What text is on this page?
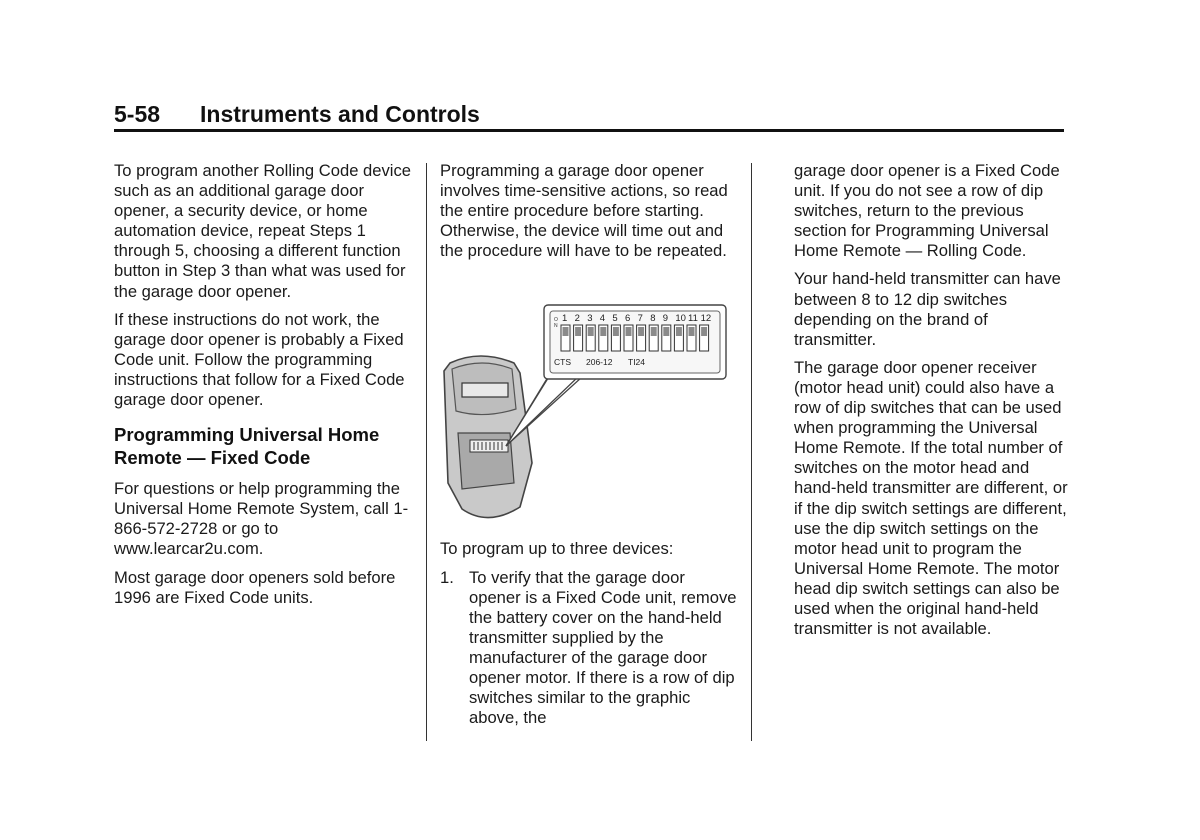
5-58 Instruments and Controls

To program another Rolling Code device such as an additional garage door opener, a security device, or home automation device, repeat Steps 1 through 5, choosing a different function button in Step 3 than what was used for the garage door opener.

If these instructions do not work, the garage door opener is probably a Fixed Code unit. Follow the programming instructions that follow for a Fixed Code garage door opener.

Programming Universal Home Remote — Fixed Code

For questions or help programming the Universal Home Remote System, call 1-866-572-2728 or go to www.learcar2u.com.

Most garage door openers sold before 1996 are Fixed Code units.

Programming a garage door opener involves time-sensitive actions, so read the entire procedure before starting. Otherwise, the device will time out and the procedure will have to be repeated.

O
N
1 2 3 4 5 6 7 8 9 10 11 12
CTS 206-12 TI24

To program up to three devices:

1. To verify that the garage door opener is a Fixed Code unit, remove the battery cover on the hand-held transmitter supplied by the manufacturer of the garage door opener motor. If there is a row of dip switches similar to the graphic above, the

garage door opener is a Fixed Code unit. If you do not see a row of dip switches, return to the previous section for Programming Universal Home Remote — Rolling Code.

Your hand-held transmitter can have between 8 to 12 dip switches depending on the brand of transmitter.

The garage door opener receiver (motor head unit) could also have a row of dip switches that can be used when programming the Universal Home Remote. If the total number of switches on the motor head and hand-held transmitter are different, or if the dip switch settings are different, use the dip switch settings on the motor head unit to program the Universal Home Remote. The motor head dip switch settings can also be used when the original hand-held transmitter is not available.
